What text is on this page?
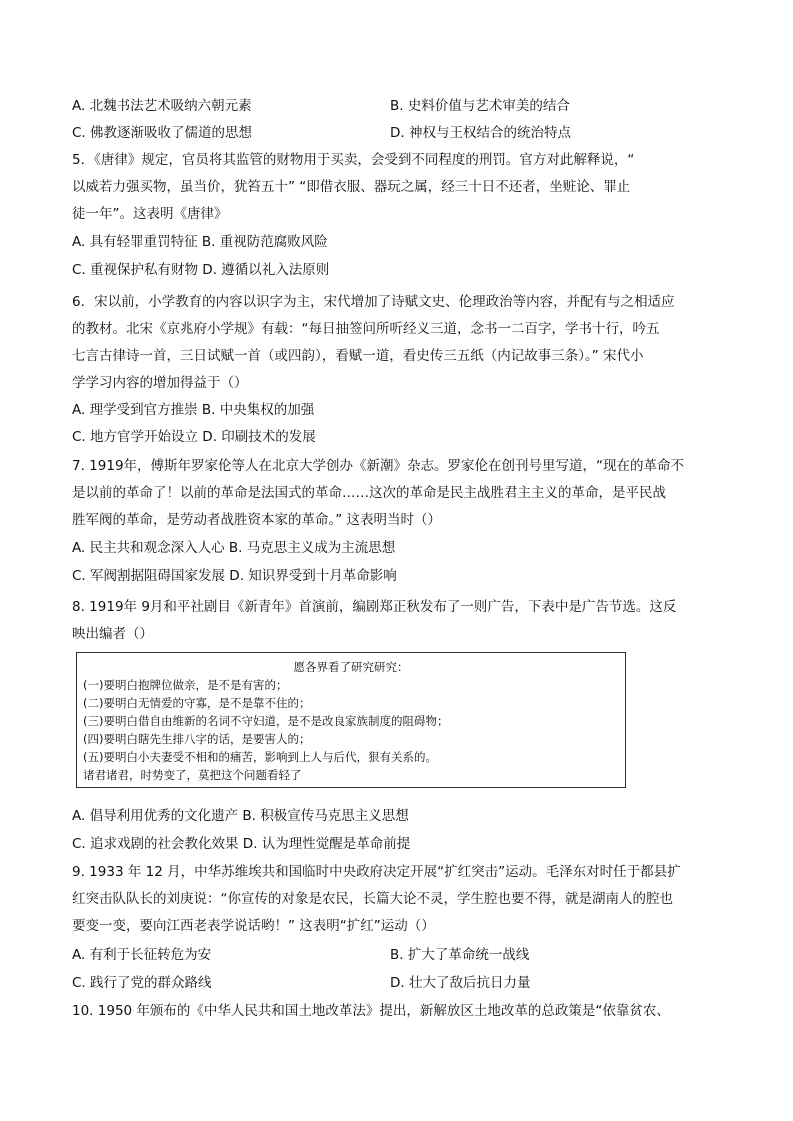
A. 北魏书法艺术吸纳六朝元素	B. 史料价值与艺术审美的结合
C. 佛教逐渐吸收了儒道的思想	D. 神权与王权结合的统治特点
5．《唐律》规定，官员将其监管的财物用于买卖，会受到不同程度的刑罚。官方对此解释说，“
以威若力强买物，虽当价，犹笞五十” “即借衣服、器玩之属，经三十日不还者，坐赃论、罪止
徒一年”。这表明《唐律》
A. 具有轻罪重罚特征 B. 重视防范腐败风险
C. 重视保护私有财物 D. 遵循以礼入法原则
6．宋以前，小学教育的内容以识字为主，宋代增加了诗赋文史、伦理政治等内容，并配有与之相适应
的教材。北宋《京兆府小学规》有载：“每日抽签问所听经义三道，念书一二百字，学书十行，吟五
七言古律诗一首，三日试赋一首（或四韵），看赋一道，看史传三五纸（内记故事三条）。” 宋代小
学学习内容的增加得益于（）
A. 理学受到官方推崇 B. 中央集权的加强
C. 地方官学开始设立 D. 印刷技术的发展
7. 1919年，傅斯年罗家伦等人在北京大学创办《新潮》杂志。罗家伦在创刊号里写道，“现在的革命不
是以前的革命了！以前的革命是法国式的革命……这次的革命是民主战胜君主主义的革命，是平民战
胜军阀的革命，是劳动者战胜资本家的革命。” 这表明当时（）
A. 民主共和观念深入人心 B. 马克思主义成为主流思想
C. 军阀割据阻碍国家发展 D. 知识界受到十月革命影响
8. 1919年 9月和平社剧目《新青年》首演前，编剧郑正秋发布了一则广告，下表中是广告节选。这反
映出编者（）
愿各界看了研究研究：
(一)要明白抱牌位做亲，是不是有害的；
(二)要明白无情爱的守寡，是不是靠不住的；
(三)要明白借自由维新的名词不守妇道，是不是改良家族制度的阻碍物；
(四)要明白瞎先生排八字的话，是要害人的；
(五)要明白小夫妻受不相和的痛苦，影响到上人与后代，狠有关系的。
诸君诸君，时势变了，莫把这个问题看轻了
A. 倡导利用优秀的文化遗产 B. 积极宣传马克思主义思想
C. 追求戏剧的社会教化效果 D. 认为理性觉醒是革命前提
9. 1933 年 12 月，中华苏维埃共和国临时中央政府决定开展“扩红突击”运动。毛泽东对时任于都县扩
红突击队队长的刘庚说：“你宣传的对象是农民，长篇大论不灵，学生腔也要不得，就是湖南人的腔也
要变一变，要向江西老表学说话哟！” 这表明“扩红”运动（）
A. 有利于长征转危为安	B. 扩大了革命统一战线
C. 践行了党的群众路线	D. 壮大了敌后抗日力量
10. 1950 年颁布的《中华人民共和国土地改革法》提出，新解放区土地改革的总政策是“依靠贫农、
